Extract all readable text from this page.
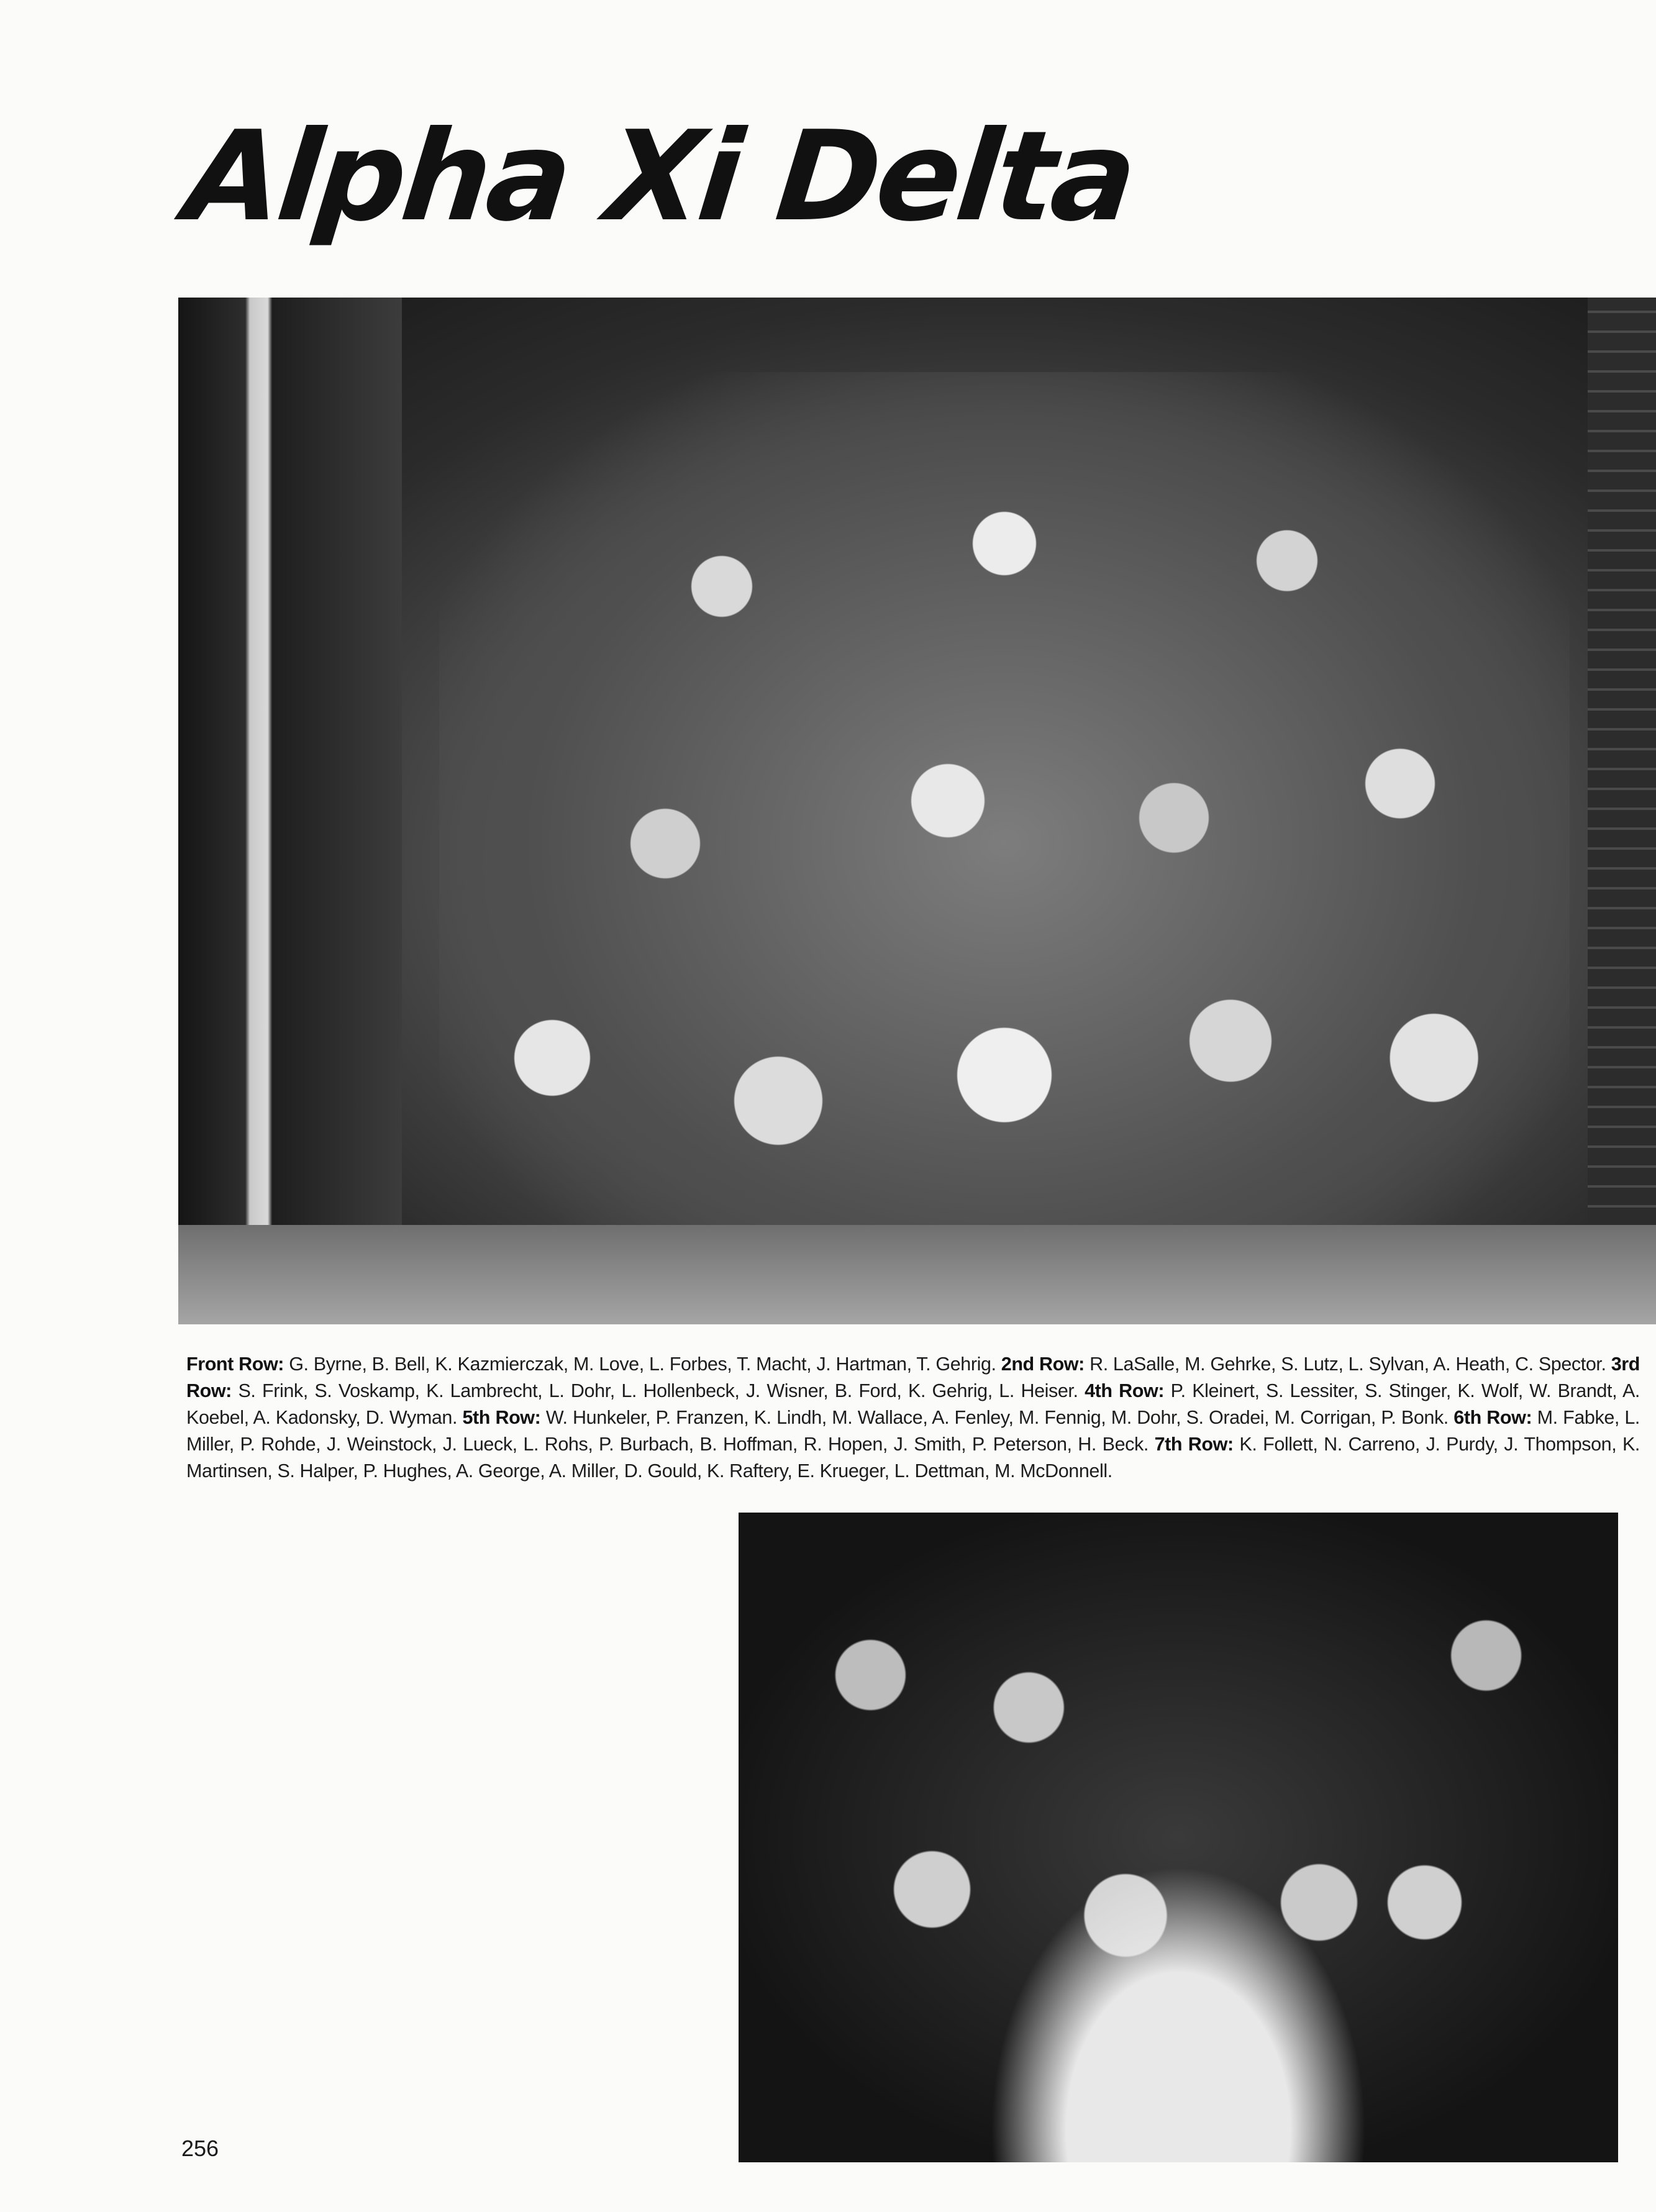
Alpha Xi Delta

Front Row: G. Byrne, B. Bell, K. Kazmierczak, M. Love, L. Forbes, T. Macht, J. Hartman, T. Gehrig. 2nd Row: R. LaSalle, M. Gehrke, S. Lutz, L. Sylvan, A. Heath, C. Spector. 3rd Row: S. Frink, S. Voskamp, K. Lambrecht, L. Dohr, L. Hollenbeck, J. Wisner, B. Ford, K. Gehrig, L. Heiser. 4th Row: P. Kleinert, S. Lessiter, S. Stinger, K. Wolf, W. Brandt, A. Koebel, A. Kadonsky, D. Wyman. 5th Row: W. Hunkeler, P. Franzen, K. Lindh, M. Wallace, A. Fenley, M. Fennig, M. Dohr, S. Oradei, M. Corrigan, P. Bonk. 6th Row: M. Fabke, L. Miller, P. Rohde, J. Weinstock, J. Lueck, L. Rohs, P. Burbach, B. Hoffman, R. Hopen, J. Smith, P. Peterson, H. Beck. 7th Row: K. Follett, N. Carreno, J. Purdy, J. Thompson, K. Martinsen, S. Halper, P. Hughes, A. George, A. Miller, D. Gould, K. Raftery, E. Krueger, L. Dettman, M. McDonnell.

256
